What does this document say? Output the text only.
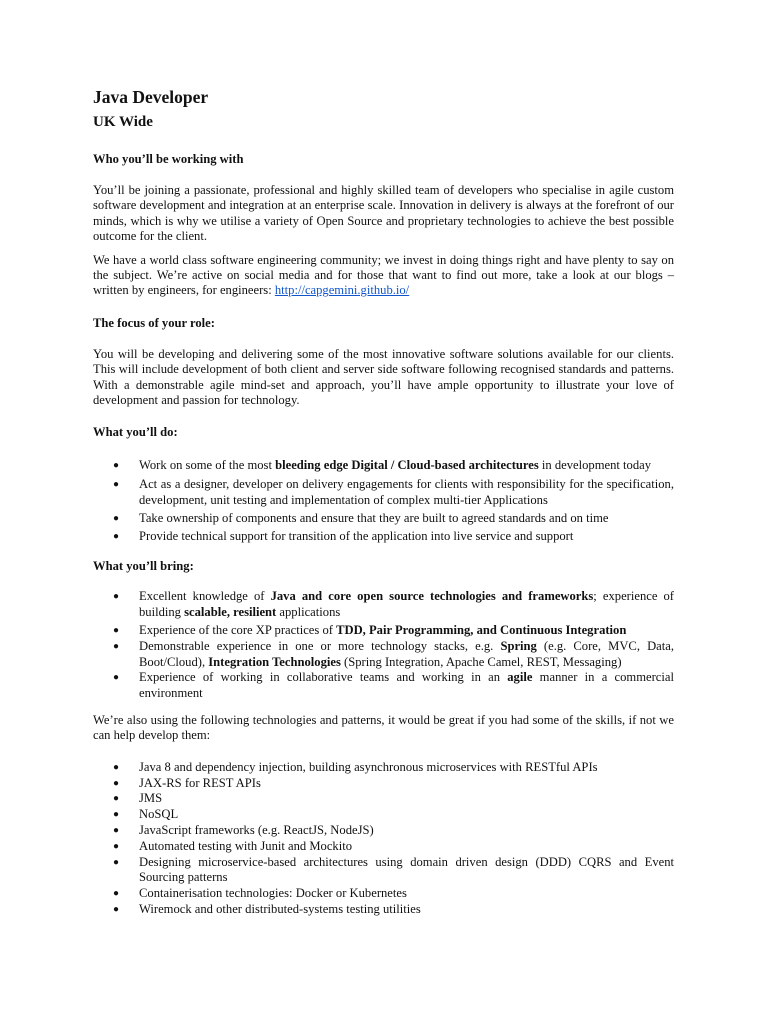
Java Developer
UK Wide

Who you’ll be working with

You’ll be joining a passionate, professional and highly skilled team of developers who specialise in agile custom software development and integration at an enterprise scale. Innovation in delivery is always at the forefront of our minds, which is why we utilise a variety of Open Source and proprietary technologies to achieve the best possible outcome for the client.

We have a world class software engineering community; we invest in doing things right and have plenty to say on the subject. We’re active on social media and for those that want to find out more, take a look at our blogs – written by engineers, for engineers: http://capgemini.github.io/

The focus of your role:

You will be developing and delivering some of the most innovative software solutions available for our clients. This will include development of both client and server side software following recognised standards and patterns. With a demonstrable agile mind-set and approach, you’ll have ample opportunity to illustrate your love of development and passion for technology.

What you’ll do:

● Work on some of the most bleeding edge Digital / Cloud-based architectures in development today
● Act as a designer, developer on delivery engagements for clients with responsibility for the specification, development, unit testing and implementation of complex multi-tier Applications
● Take ownership of components and ensure that they are built to agreed standards and on time
● Provide technical support for transition of the application into live service and support

What you’ll bring:

● Excellent knowledge of Java and core open source technologies and frameworks; experience of building scalable, resilient applications
● Experience of the core XP practices of TDD, Pair Programming, and Continuous Integration
● Demonstrable experience in one or more technology stacks, e.g. Spring (e.g. Core, MVC, Data, Boot/Cloud), Integration Technologies (Spring Integration, Apache Camel, REST, Messaging)
● Experience of working in collaborative teams and working in an agile manner in a commercial environment

We’re also using the following technologies and patterns, it would be great if you had some of the skills, if not we can help develop them:

● Java 8 and dependency injection, building asynchronous microservices with RESTful APIs
● JAX-RS for REST APIs
● JMS
● NoSQL
● JavaScript frameworks (e.g. ReactJS, NodeJS)
● Automated testing with Junit and Mockito
● Designing microservice-based architectures using domain driven design (DDD) CQRS and Event Sourcing patterns
● Containerisation technologies: Docker or Kubernetes
● Wiremock and other distributed-systems testing utilities
